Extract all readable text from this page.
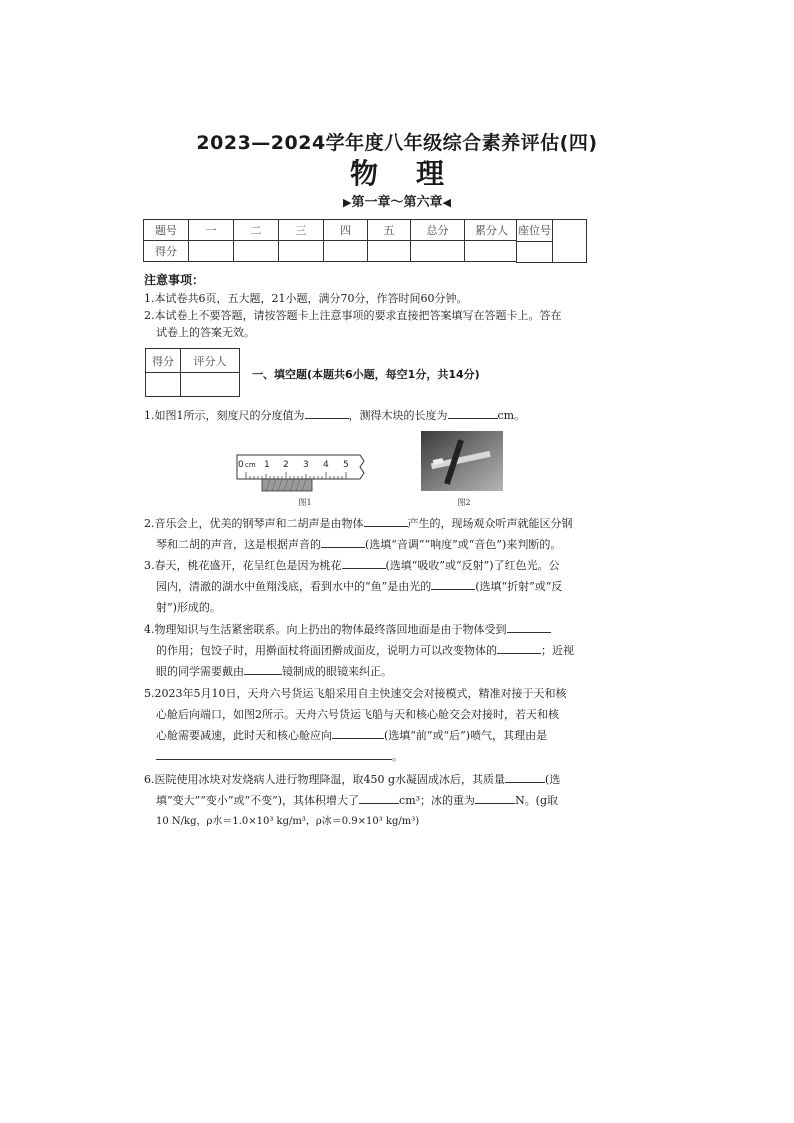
2023—2024学年度八年级综合素养评估(四)
物理
▶第一章～第六章◀
题号	一	二	三	四	五	总分	累分人
得分							

座位号
注意事项：
1.本试卷共6页，五大题，21小题，满分70分，作答时间60分钟。
2.本试卷上不要答题，请按答题卡上注意事项的要求直接把答案填写在答题卡上。答在
试卷上的答案无效。
得分	评分人

一、填空题(本题共6小题，每空1分，共14分)
1.如图1所示，刻度尺的分度值为	，测得木块的长度为	cm。
0 cm 1 2 3 4 5
图1	图2
2.音乐会上，优美的钢琴声和二胡声是由物体	产生的，现场观众听声就能区分钢
琴和二胡的声音，这是根据声音的	(选填“音调”“响度”或“音色”)来判断的。
3.春天，桃花盛开，花呈红色是因为桃花	(选填“吸收”或“反射”)了红色光。公
园内，清澈的湖水中鱼翔浅底，看到水中的“鱼”是由光的	(选填“折射”或“反
射”)形成的。
4.物理知识与生活紧密联系。向上扔出的物体最终落回地面是由于物体受到
的作用；包饺子时，用擀面杖将面团擀成面皮，说明力可以改变物体的	；近视
眼的同学需要戴由	镜制成的眼镜来纠正。
5.2023年5月10日，天舟六号货运飞船采用自主快速交会对接模式，精准对接于天和核
心舱后向端口，如图2所示。天舟六号货运飞船与天和核心舱交会对接时，若天和核
心舱需要减速，此时天和核心舱应向	(选填“前”或“后”)喷气，其理由是
。
6.医院使用冰块对发烧病人进行物理降温，取450 g水凝固成冰后，其质量	(选
填“变大”“变小”或“不变”)，其体积增大了	cm³；冰的重为	N。(g取
10 N/kg，ρ水＝1.0×10³ kg/m³，ρ冰＝0.9×10³ kg/m³)
